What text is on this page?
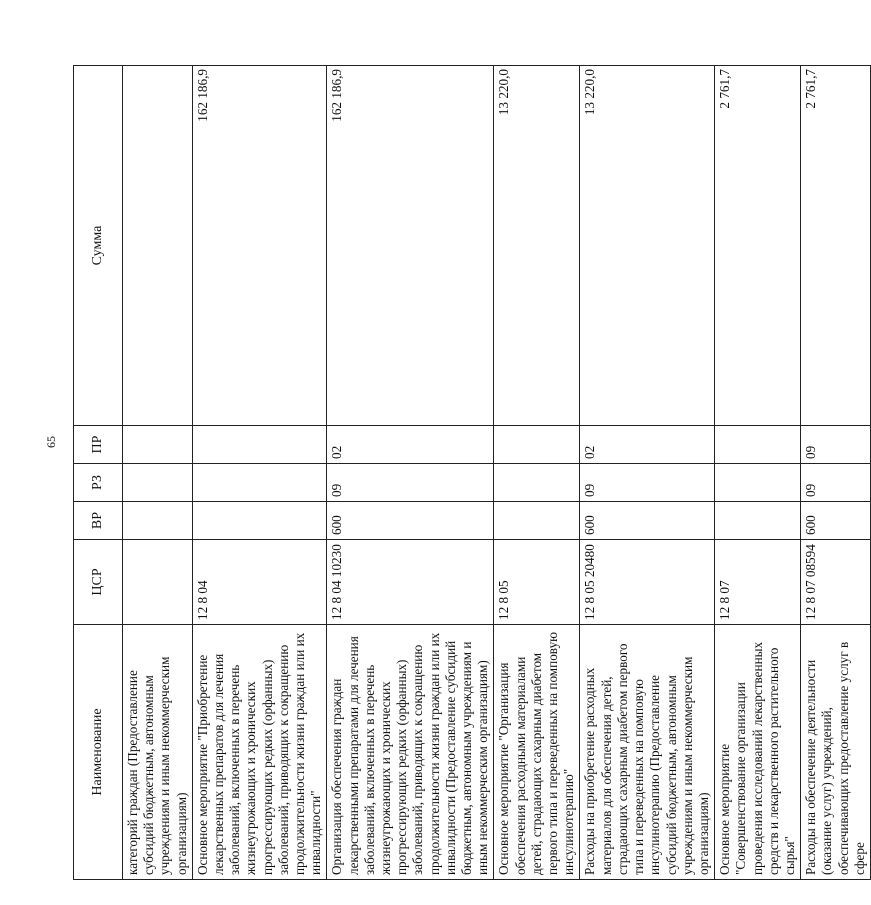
65
Наименование	ЦСР	ВР	РЗ	ПР	Сумма
категорий граждан (Предоставление субсидий бюджетным, автономным учреждениям и иным некоммерческим организациям)					
Основное мероприятие "Приобретение лекарственных препаратов для лечения заболеваний, включенных в перечень жизнеугрожающих и хронических прогрессирующих редких (орфанных) заболеваний, приводящих к сокращению продолжительности жизни граждан или их инвалидности"	12 8 04				162 186,9
Организация обеспечения граждан лекарственными препаратами для лечения заболеваний, включенных в перечень жизнеугрожающих и хронических прогрессирующих редких (орфанных) заболеваний, приводящих к сокращению продолжительности жизни граждан или их инвалидности (Предоставление субсидий бюджетным, автономным учреждениям и иным некоммерческим организациям)	12 8 04 10230	600	09	02	162 186,9
Основное мероприятие "Организация обеспечения расходными материалами детей, страдающих сахарным диабетом первого типа и переведенных на помповую инсулинотерапию"	12 8 05				13 220,0
Расходы на приобретение расходных материалов для обеспечения детей, страдающих сахарным диабетом первого типа и переведенных на помповую инсулинотерапию (Предоставление субсидий бюджетным, автономным учреждениям и иным некоммерческим организациям)	12 8 05 20480	600	09	02	13 220,0
Основное мероприятие "Совершенствование организации проведения исследований лекарственных средств и лекарственного растительного сырья"	12 8 07				2 761,7
Расходы на обеспечение деятельности (оказание услуг) учреждений, обеспечивающих предоставление услуг в сфере	12 8 07 08594	600	09	09	2 761,7
